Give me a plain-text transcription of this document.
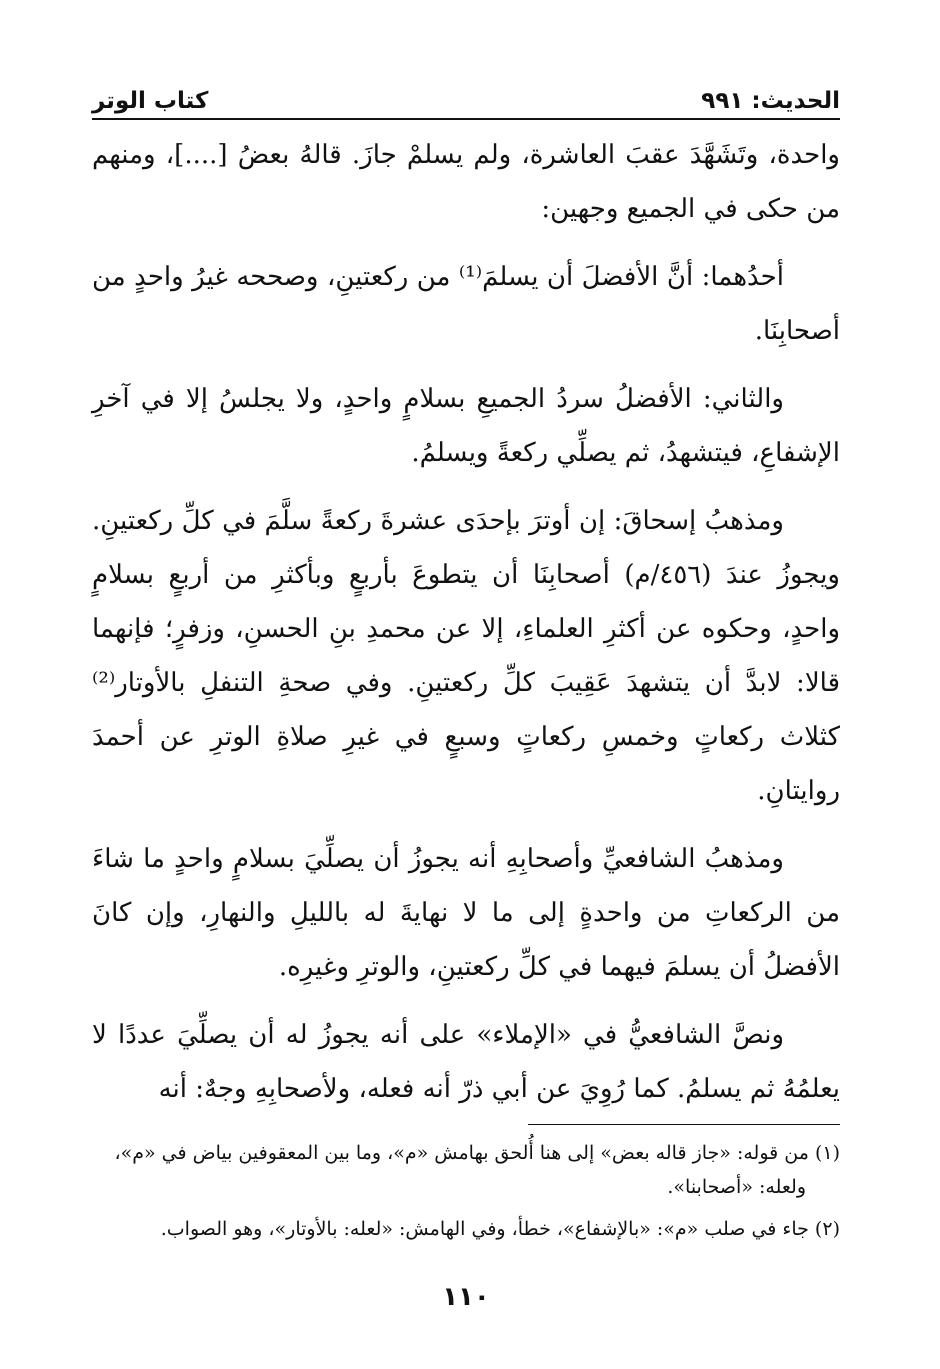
الحديث: ٩٩١
كتاب الوتر

واحدة، وتَشَهَّدَ عقبَ العاشرة، ولم يسلمْ جازَ. قالهُ بعضُ [....]، ومنهم من حكى في الجميع وجهين:

أحدُهما: أنَّ الأفضلَ أن يسلمَ⁽¹⁾ من ركعتينِ، وصححه غيرُ واحدٍ من أصحابِنَا.

والثاني: الأفضلُ سردُ الجميعِ بسلامٍ واحدٍ، ولا يجلسُ إلا في آخرِ الإشفاعِ، فيتشهدُ، ثم يصلِّي ركعةً ويسلمُ.

ومذهبُ إسحاقَ: إن أوترَ بإحدَى عشرةَ ركعةً سلَّمَ في كلِّ ركعتينِ. ويجوزُ عندَ (٤٥٦/م) أصحابِنَا أن يتطوعَ بأربعٍ وبأكثرِ من أربعٍ بسلامٍ واحدٍ، وحكوه عن أكثرِ العلماءِ، إلا عن محمدِ بنِ الحسنِ، وزفرٍ؛ فإنهما قالا: لابدَّ أن يتشهدَ عَقِيبَ كلِّ ركعتينِ. وفي صحةِ التنفلِ بالأوتار⁽²⁾ كثلاث ركعاتٍ وخمسِ ركعاتٍ وسبعٍ في غيرِ صلاةِ الوترِ عن أحمدَ روايتانِ.

ومذهبُ الشافعيِّ وأصحابِهِ أنه يجوزُ أن يصلِّيَ بسلامٍ واحدٍ ما شاءَ من الركعاتِ من واحدةٍ إلى ما لا نهايةَ له بالليلِ والنهارِ، وإن كانَ الأفضلُ أن يسلمَ فيهما في كلِّ ركعتينِ، والوترِ وغيرِه.

ونصَّ الشافعيُّ في «الإملاء» على أنه يجوزُ له أن يصلِّيَ عددًا لا يعلمُهُ ثم يسلمُ. كما رُوِيَ عن أبي ذرّ أنه فعله، ولأصحابِهِ وجهٌ: أنه

(١) من قوله: «جاز قاله بعض» إلى هنا أُلحق بهامش «م»، وما بين المعقوفين بياض في «م»،
ولعله: «أصحابنا».

(٢) جاء في صلب «م»: «بالإشفاع»، خطأ، وفي الهامش: «لعله: بالأوتار»، وهو الصواب.

١١٠
